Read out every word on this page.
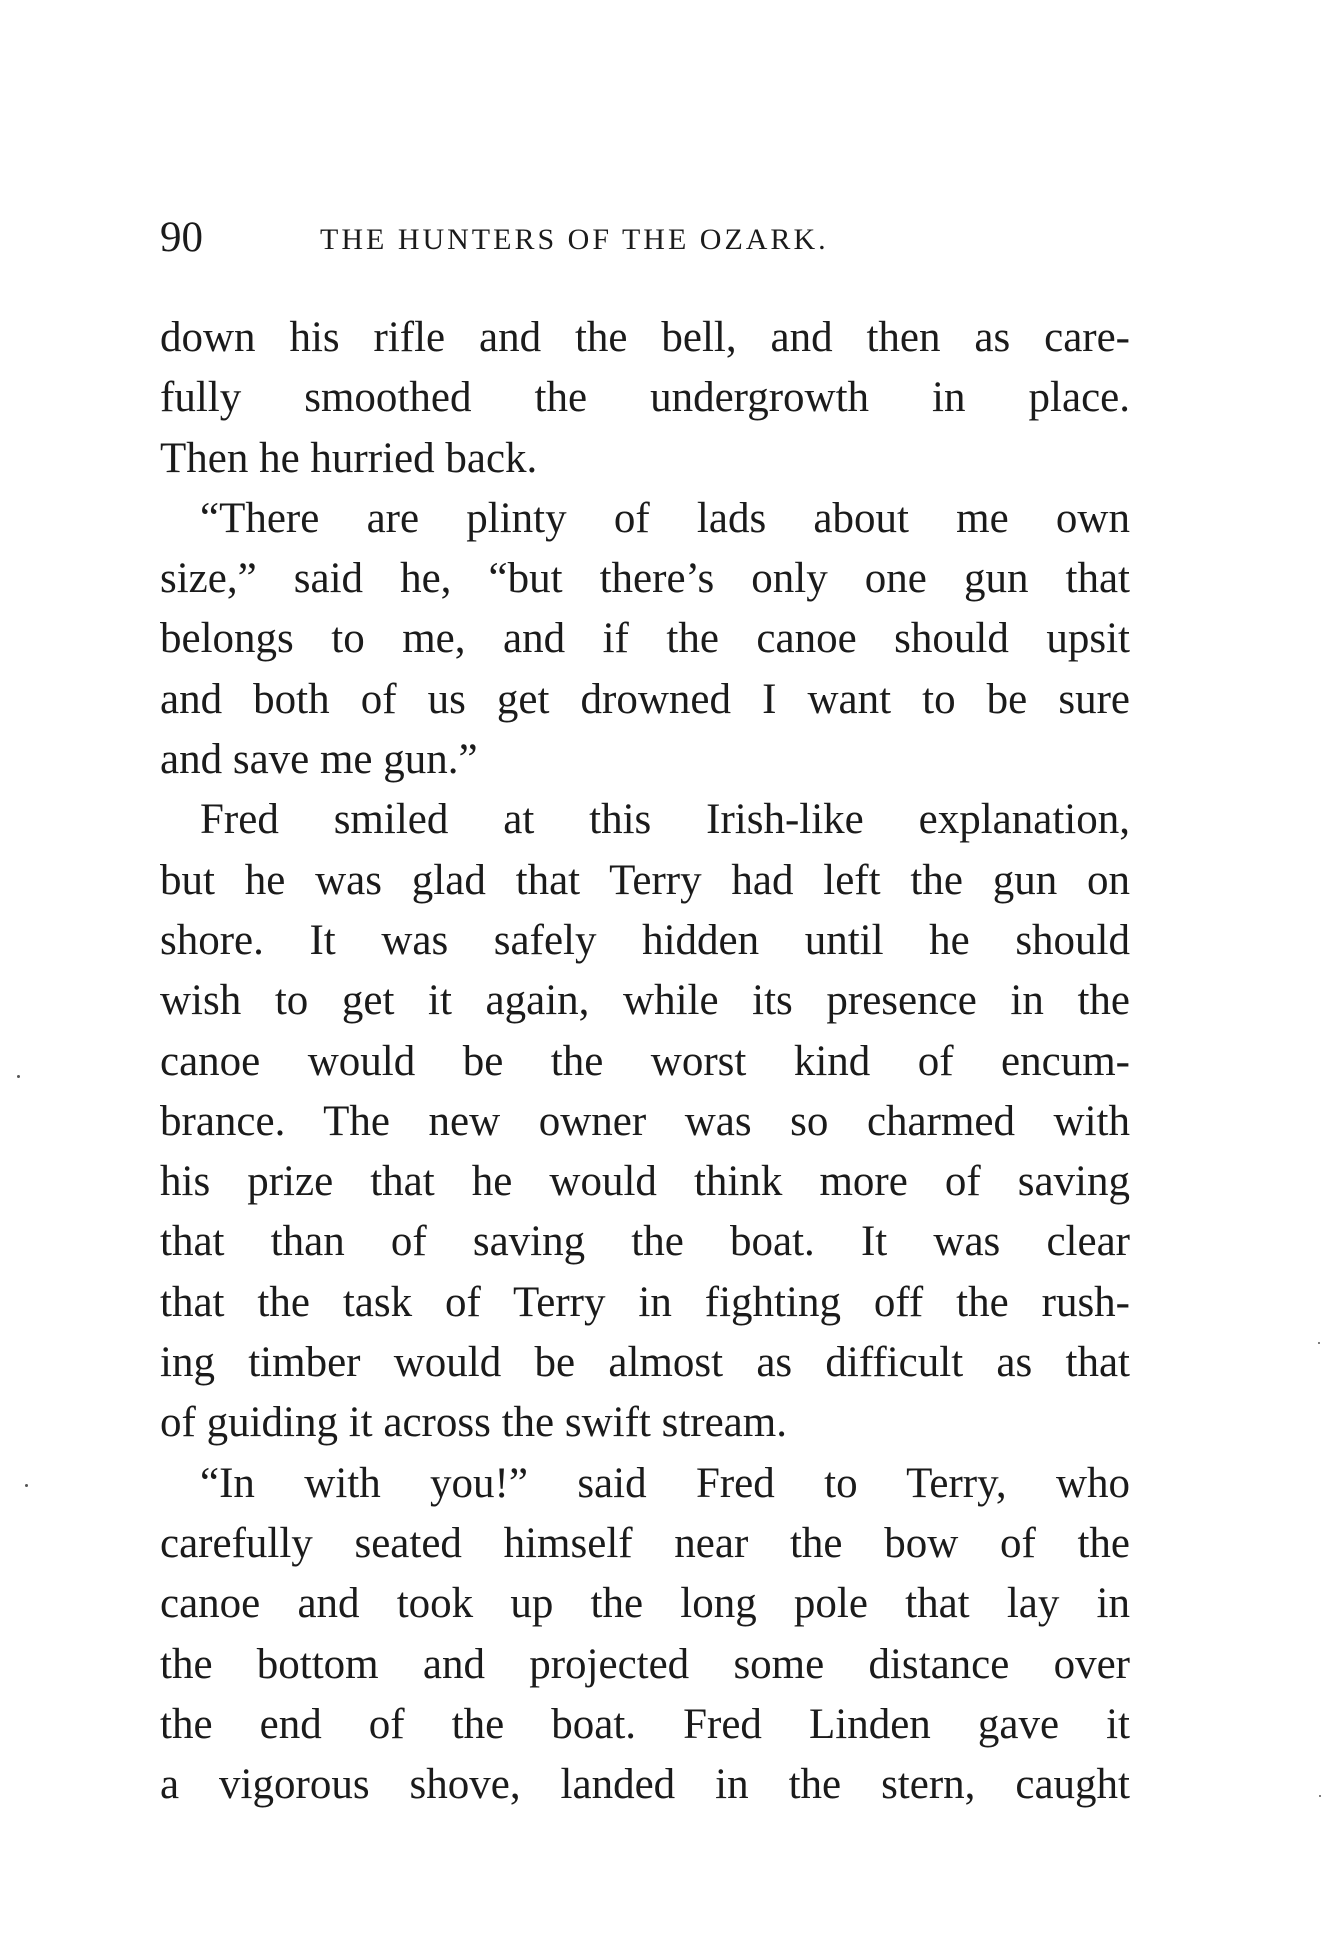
90	THE HUNTERS OF THE OZARK.
down his rifle and the bell, and then as care-
fully smoothed the undergrowth in place.
Then he hurried back.
“There are plinty of lads about me own
size,” said he, “but there’s only one gun that
belongs to me, and if the canoe should upsit
and both of us get drowned I want to be sure
and save me gun.”
Fred smiled at this Irish-like explanation,
but he was glad that Terry had left the gun on
shore. It was safely hidden until he should
wish to get it again, while its presence in the
canoe would be the worst kind of encum-
brance. The new owner was so charmed with
his prize that he would think more of saving
that than of saving the boat. It was clear
that the task of Terry in fighting off the rush-
ing timber would be almost as difficult as that
of guiding it across the swift stream.
“In with you!” said Fred to Terry, who
carefully seated himself near the bow of the
canoe and took up the long pole that lay in
the bottom and projected some distance over
the end of the boat. Fred Linden gave it
a vigorous shove, landed in the stern, caught
